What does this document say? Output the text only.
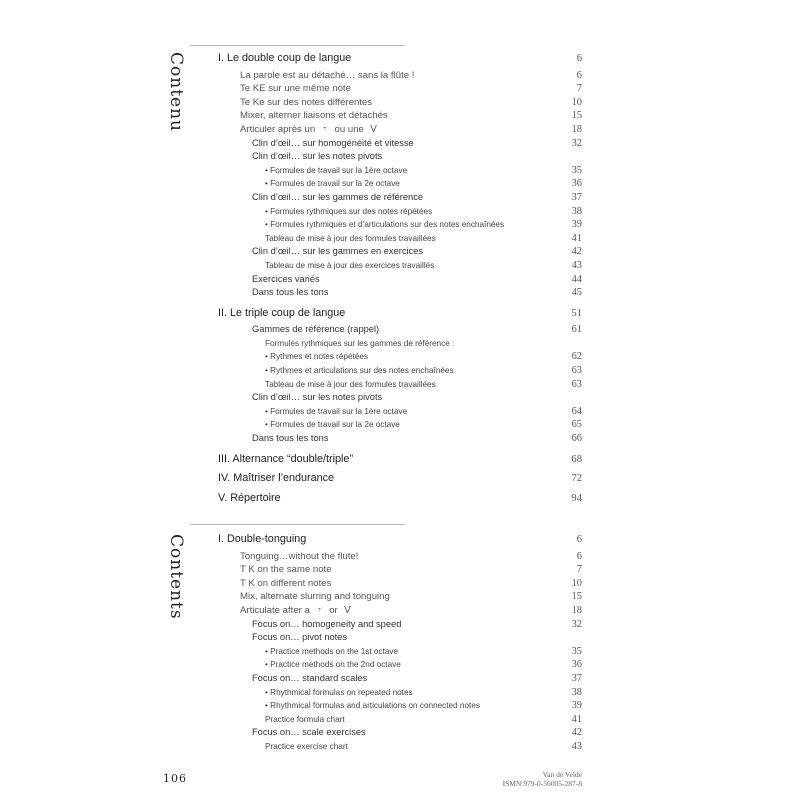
Contenu	I. Le double coup de langue	6
La parole est au détaché… sans la flûte !	6
Te KE sur une même note	7
Te Ke sur des notes différentes	10
Mixer, alterner liaisons et détachés	15
Articuler après un 𝄾 ou une V	18
Clin d’œil… sur homogénéité et vitesse	32
Clin d’œil… sur les notes pivots
• Formules de travail sur la 1ère octave	35
• Formules de travail sur la 2e octave	36
Clin d’œil… sur les gammes de référence	37
• Formules rythmiques sur des notes répétées	38
• Formules rythmiques et d’articulations sur des notes enchaînées	39
Tableau de mise à jour des formules travaillées	41
Clin d’œil… sur les gammes en exercices	42
Tableau de mise à jour des exercices travaillés	43
Exercices variés	44
Dans tous les tons	45
II. Le triple coup de langue	51
Gammes de référence (rappel)	61
Formules rythmiques sur les gammes de référence :
• Rythmes et notes répétées	62
• Rythmes et articulations sur des notes enchaînées	63
Tableau de mise à jour des formules travaillées	63
Clin d’œil… sur les notes pivots
• Formules de travail sur la 1ère octave	64
• Formules de travail sur la 2e octave	65
Dans tous les tons	66
III. Alternance “double/triple”	68
IV. Maîtriser l’endurance	72
V. Répertoire	94
Contents	I. Double-tonguing	6
Tonguing…without the flute!	6
T K on the same note	7
T K on different notes	10
Mix, alternate slurring and tonguing	15
Articulate after a 𝄾 or V	18
Focus on… homogeneity and speed	32
Focus on… pivot notes
• Practice methods on the 1st octave	35
• Practice methods on the 2nd octave	36
Focus on… standard scales	37
• Rhythmical formulas on repeated notes	38
• Rhythmical formulas and articulations on connected notes	39
Practice formula chart	41
Focus on… scale exercises	42
Practice exercise chart	43
106	Van de Velde
ISMN 979-0-56005-287-8
